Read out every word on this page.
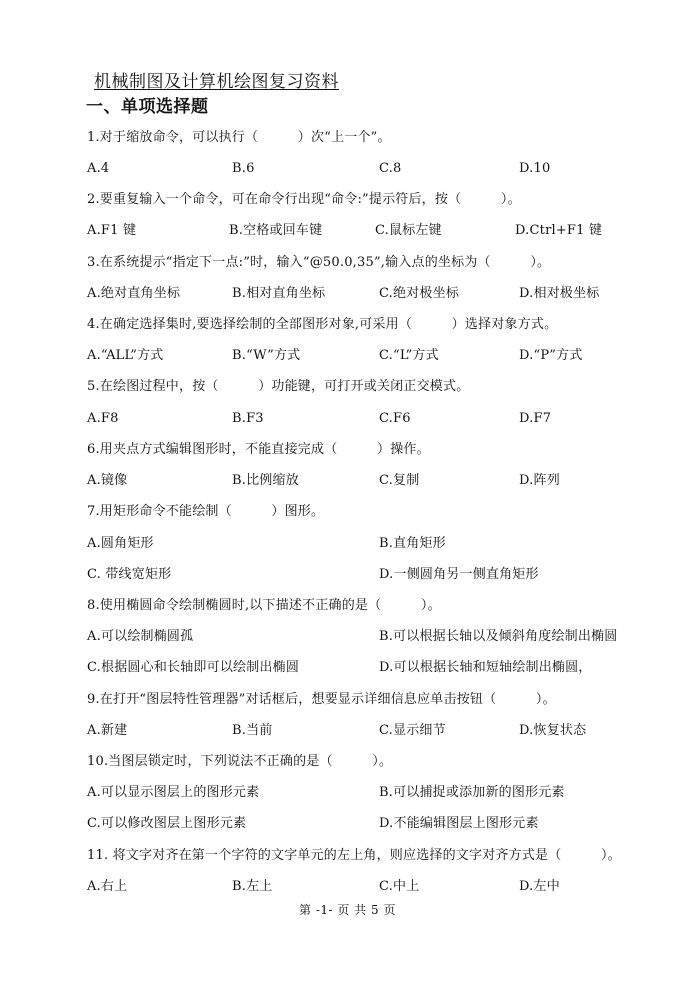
机械制图及计算机绘图复习资料
一、单项选择题
1.对于缩放命令，可以执行（　　　）次“上一个”。
A.4	B.6	C.8	D.10
2.要重复输入一个命令，可在命令行出现“命令:”提示符后，按（　　　）。
A.F1 键	B.空格或回车键	C.鼠标左键	D.Ctrl+F1 键
3.在系统提示“指定下一点:”时，输入“@50.0,35”,输入点的坐标为（　　　）。
A.绝对直角坐标	B.相对直角坐标	C.绝对极坐标	D.相对极坐标
4.在确定选择集时,要选择绘制的全部图形对象,可采用（　　　）选择对象方式。
A.“ALL”方式	B.“W”方式	C.“L”方式	D.“P”方式
5.在绘图过程中，按（　　　）功能键，可打开或关闭正交模式。
A.F8	B.F3	C.F6	D.F7
6.用夹点方式编辑图形时，不能直接完成（　　　）操作。
A.镜像	B.比例缩放	C.复制	D.阵列
7.用矩形命令不能绘制（　　　）图形。
A.圆角矩形	B.直角矩形
C. 带线宽矩形	D.一侧圆角另一侧直角矩形
8.使用椭圆命令绘制椭圆时,以下描述不正确的是（　　　）。
A.可以绘制椭圆孤	B.可以根据长轴以及倾斜角度绘制出椭圆
C.根据圆心和长轴即可以绘制出椭圆	D.可以根据长轴和短轴绘制出椭圆，
9.在打开“图层特性管理器”对话框后，想要显示详细信息应单击按钮（　　　）。
A.新建	B.当前	C.显示细节	D.恢复状态
10.当图层锁定时，下列说法不正确的是（　　　）。
A.可以显示图层上的图形元素	B.可以捕捉或添加新的图形元素
C.可以修改图层上图形元素	D.不能编辑图层上图形元素
11. 将文字对齐在第一个字符的文字单元的左上角，则应选择的文字对齐方式是（　　　）。
A.右上	B.左上	C.中上	D.左中
第 -1- 页 共 5 页
